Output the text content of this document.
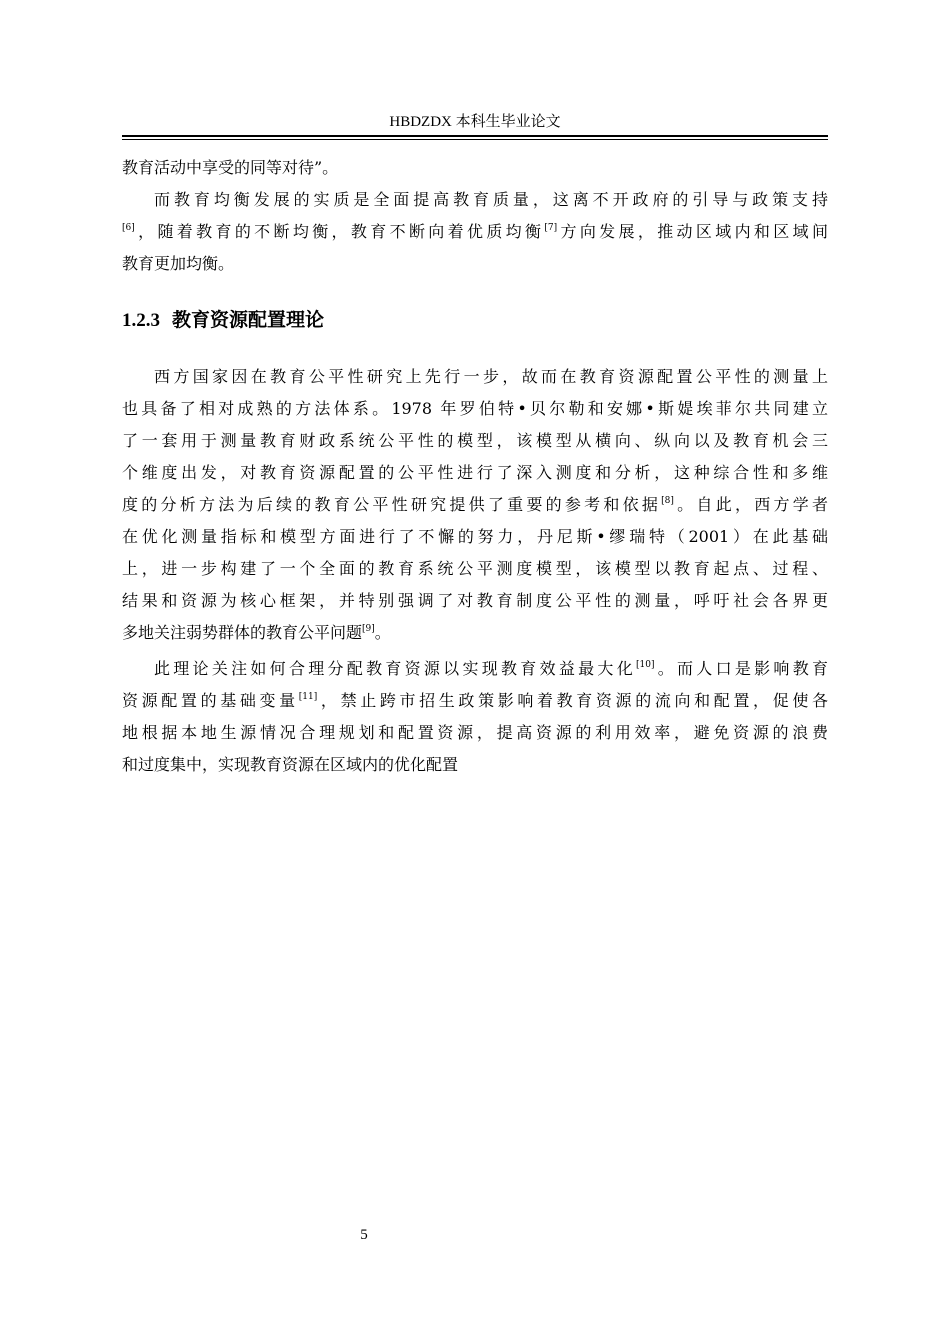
HBDZDX 本科生毕业论文
教育活动中享受的同等对待”。
而教育均衡发展的实质是全面提高教育质量，这离不开政府的引导与政策支持
[6]，随着教育的不断均衡，教育不断向着优质均衡[7]方向发展，推动区域内和区域间
教育更加均衡。
1.2.3 教育资源配置理论
西方国家因在教育公平性研究上先行一步，故而在教育资源配置公平性的测量上
也具备了相对成熟的方法体系。1978 年罗伯特•贝尔勒和安娜•斯媞埃菲尔共同建立
了一套用于测量教育财政系统公平性的模型，该模型从横向、纵向以及教育机会三
个维度出发，对教育资源配置的公平性进行了深入测度和分析，这种综合性和多维
度的分析方法为后续的教育公平性研究提供了重要的参考和依据[8]。自此，西方学者
在优化测量指标和模型方面进行了不懈的努力，丹尼斯•缪瑞特（2001）在此基础
上，进一步构建了一个全面的教育系统公平测度模型，该模型以教育起点、过程、
结果和资源为核心框架，并特别强调了对教育制度公平性的测量，呼吁社会各界更
多地关注弱势群体的教育公平问题[9]。
此理论关注如何合理分配教育资源以实现教育效益最大化[10]。而人口是影响教育
资源配置的基础变量[11]，禁止跨市招生政策影响着教育资源的流向和配置，促使各
地根据本地生源情况合理规划和配置资源，提高资源的利用效率，避免资源的浪费
和过度集中，实现教育资源在区域内的优化配置
5
